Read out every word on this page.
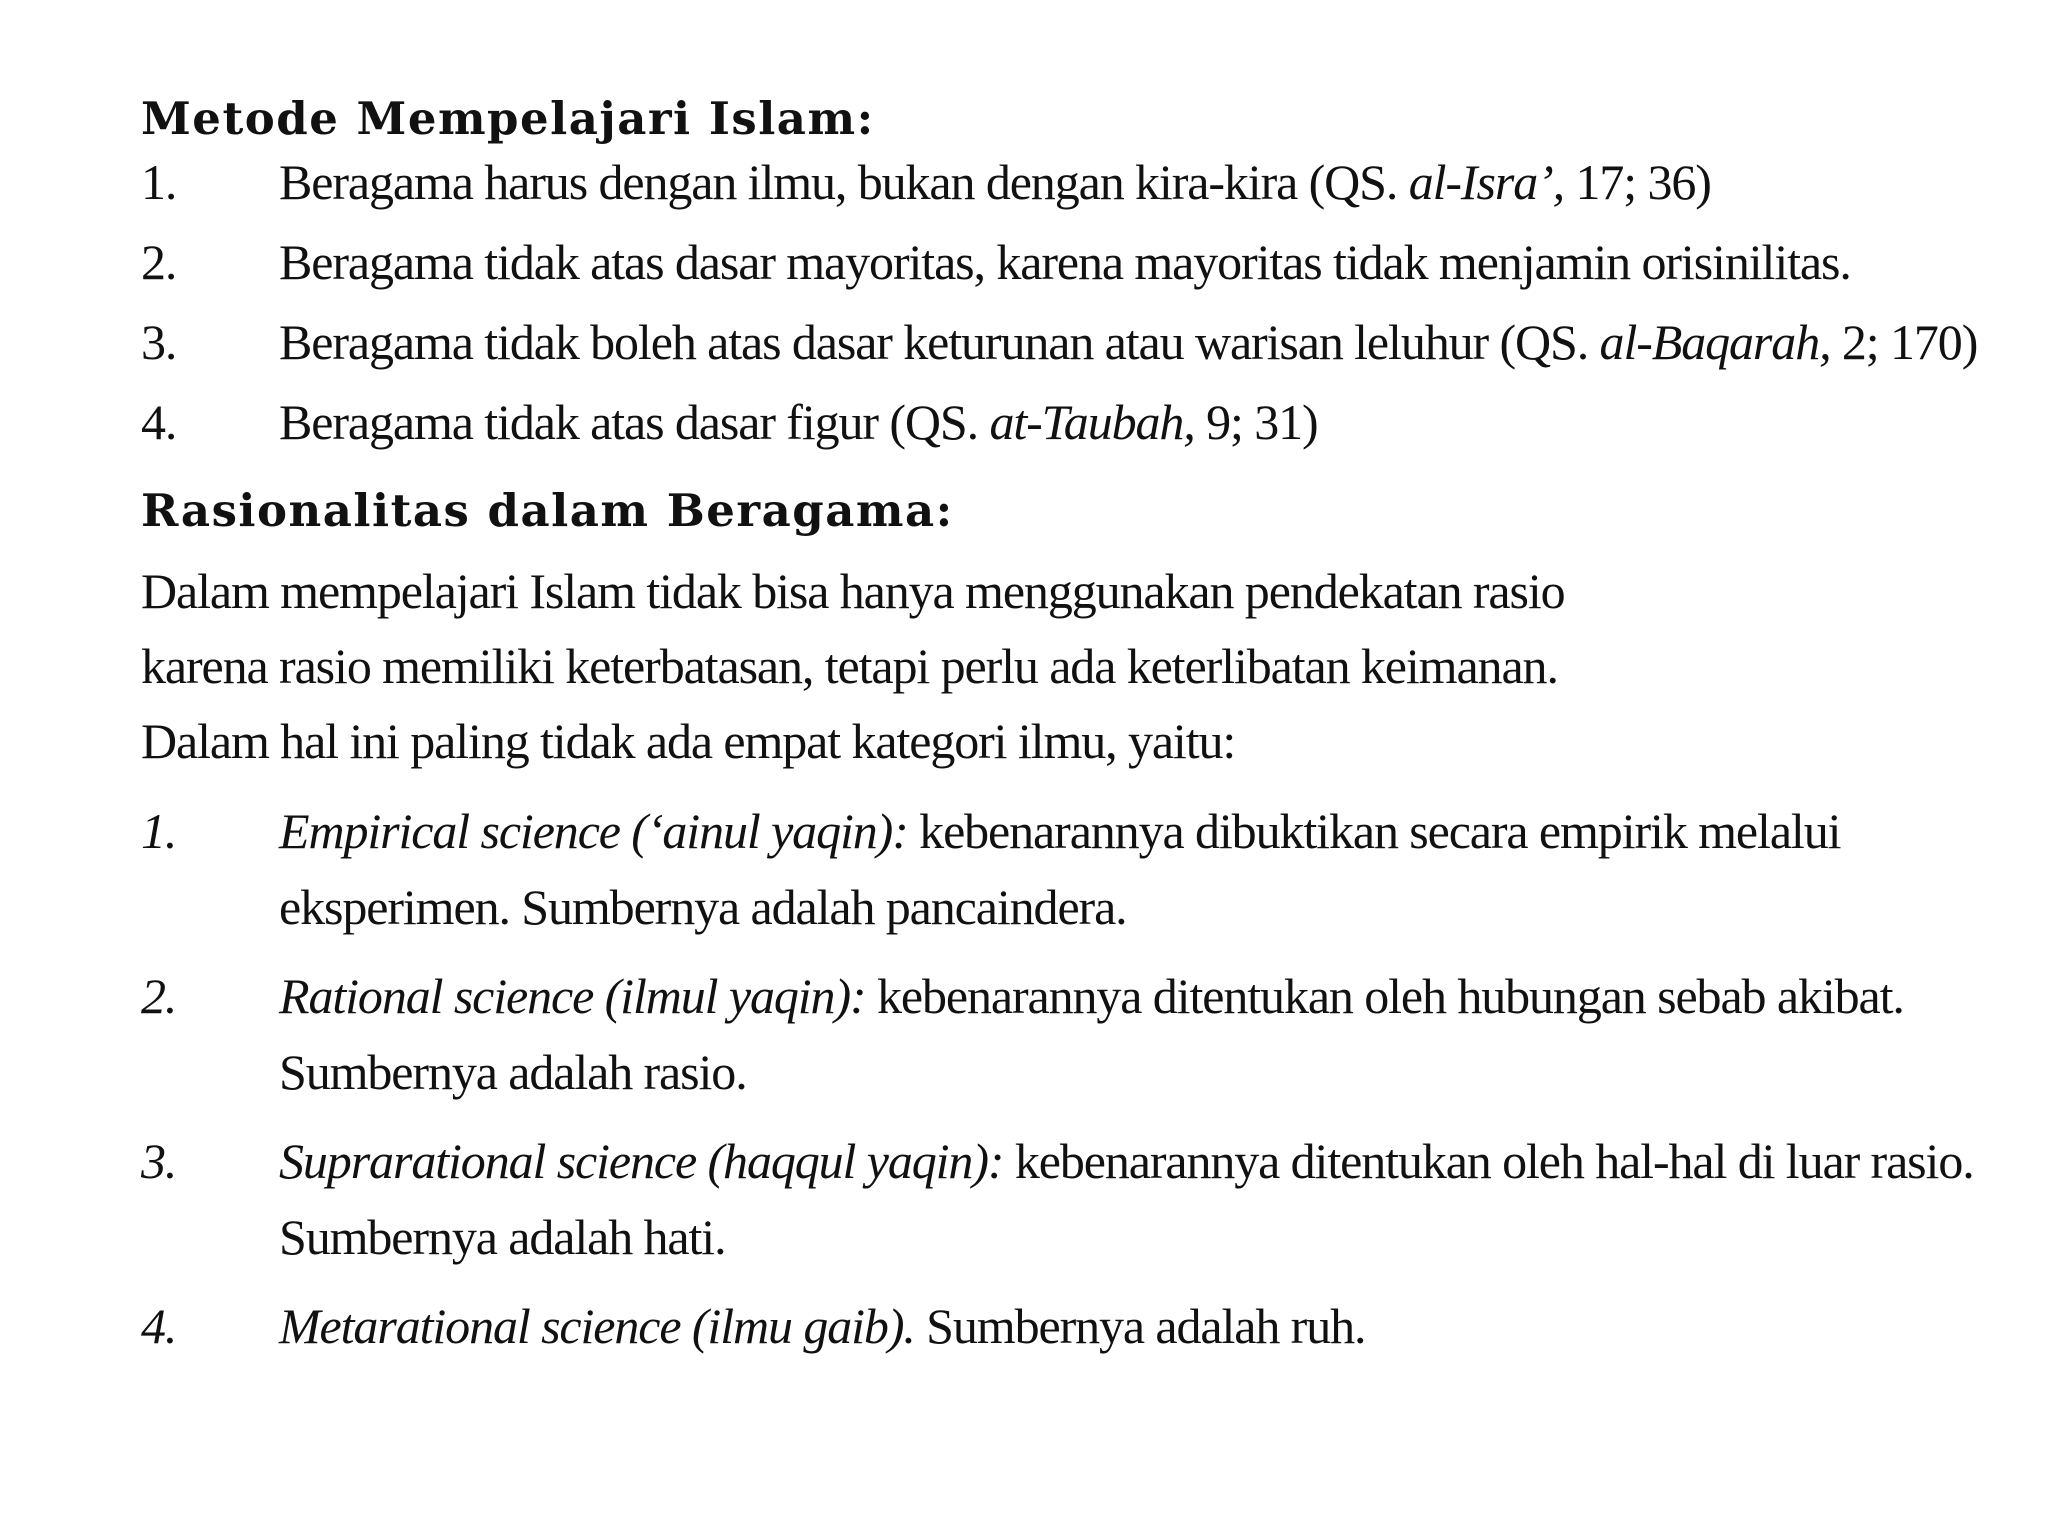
Metode Mempelajari Islam:
1. Beragama harus dengan ilmu, bukan dengan kira-kira (QS. al-Isra’, 17; 36)
2. Beragama tidak atas dasar mayoritas, karena mayoritas tidak menjamin orisinilitas.
3. Beragama tidak boleh atas dasar keturunan atau warisan leluhur (QS. al-Baqarah, 2; 170)
4. Beragama tidak atas dasar figur (QS. at-Taubah, 9; 31)
Rasionalitas dalam Beragama:
Dalam mempelajari Islam tidak bisa hanya menggunakan pendekatan rasio karena rasio memiliki keterbatasan, tetapi perlu ada keterlibatan keimanan. Dalam hal ini paling tidak ada empat kategori ilmu, yaitu:
1. Empirical science (‘ainul yaqin): kebenarannya dibuktikan secara empirik melalui eksperimen. Sumbernya adalah pancaindera.
2. Rational science (ilmul yaqin): kebenarannya ditentukan oleh hubungan sebab akibat. Sumbernya adalah rasio.
3. Suprarational science (haqqul yaqin): kebenarannya ditentukan oleh hal-hal di luar rasio. Sumbernya adalah hati.
4. Metarational science (ilmu gaib). Sumbernya adalah ruh.
